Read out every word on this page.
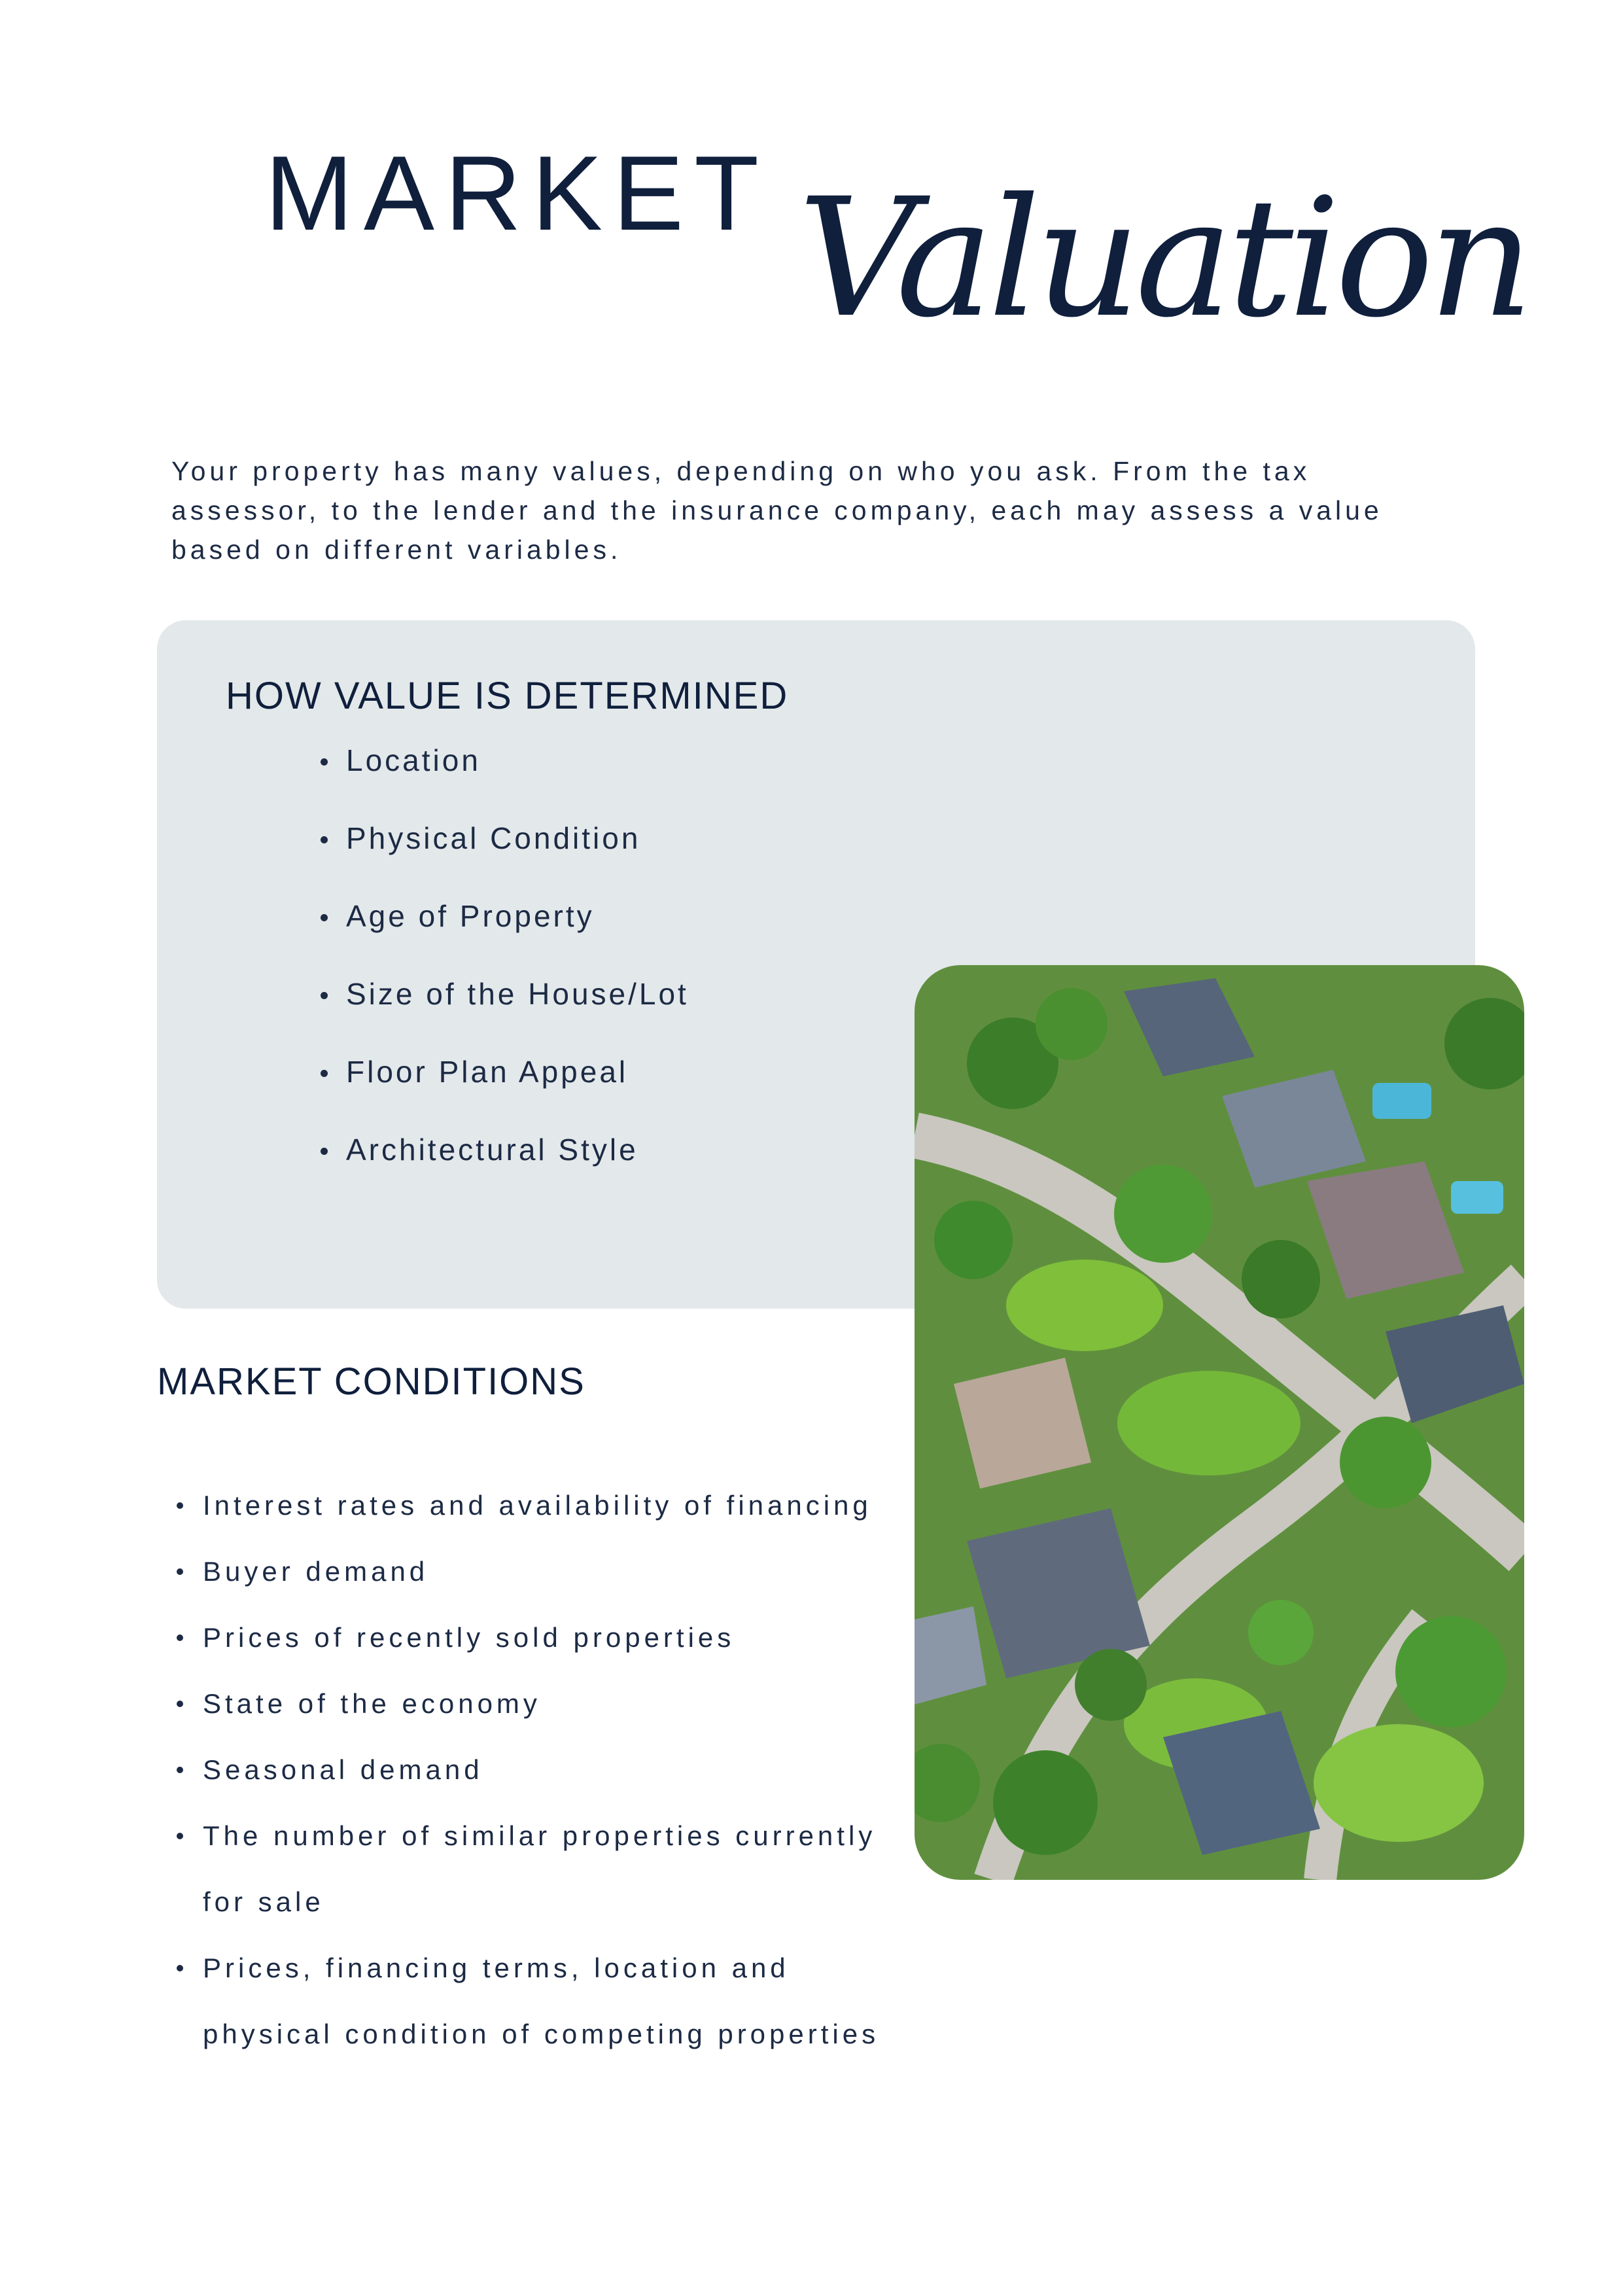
MARKET Valuation

Your property has many values, depending on who you ask. From the tax assessor, to the lender and the insurance company, each may assess a value based on different variables.

HOW VALUE IS DETERMINED
Location
Physical Condition
Age of Property
Size of the House/Lot
Floor Plan Appeal
Architectural Style
MARKET CONDITIONS
Interest rates and availability of financing
Buyer demand
Prices of recently sold properties
State of the economy
Seasonal demand
The number of similar properties currently for sale
Prices, financing terms, location and physical condition of competing properties
